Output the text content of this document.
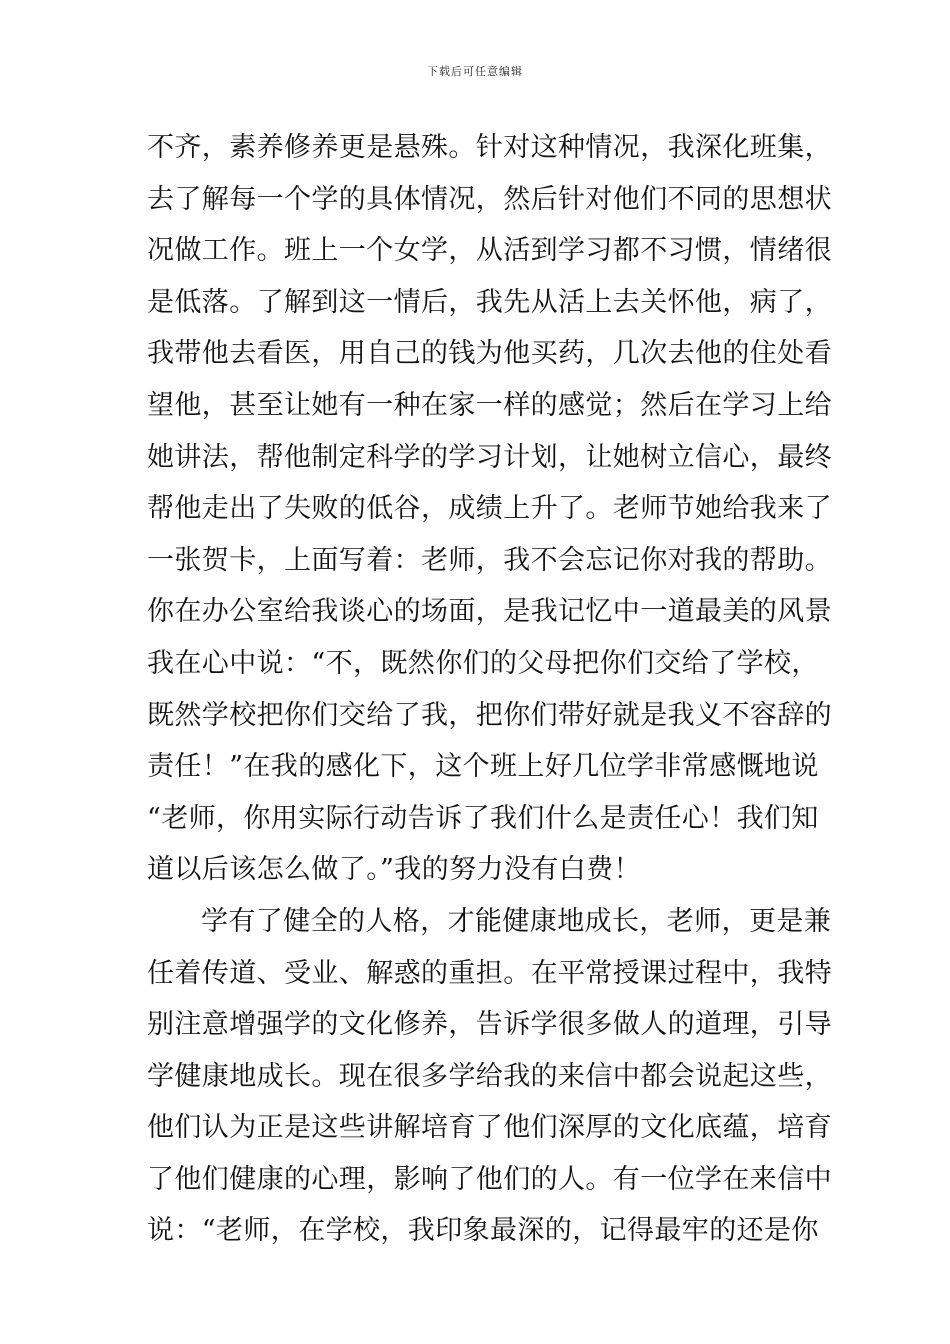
下载后可任意编辑
不齐，素养修养更是悬殊。针对这种情况，我深化班集，
去了解每一个学的具体情况，然后针对他们不同的思想状
况做工作。班上一个女学，从活到学习都不习惯，情绪很
是低落。了解到这一情后，我先从活上去关怀他，病了，
我带他去看医，用自己的钱为他买药，几次去他的住处看
望他，甚至让她有一种在家一样的感觉；然后在学习上给
她讲法，帮他制定科学的学习计划，让她树立信心，最终
帮他走出了失败的低谷，成绩上升了。老师节她给我来了
一张贺卡，上面写着：老师，我不会忘记你对我的帮助。
你在办公室给我谈心的场面，是我记忆中一道最美的风景
我在心中说：“不，既然你们的父母把你们交给了学校，
既然学校把你们交给了我，把你们带好就是我义不容辞的
责任！”在我的感化下，这个班上好几位学非常感慨地说
“老师，你用实际行动告诉了我们什么是责任心！我们知
道以后该怎么做了。”我的努力没有白费！
学有了健全的人格，才能健康地成长，老师，更是兼
任着传道、受业、解惑的重担。在平常授课过程中，我特
别注意增强学的文化修养，告诉学很多做人的道理，引导
学健康地成长。现在很多学给我的来信中都会说起这些，
他们认为正是这些讲解培育了他们深厚的文化底蕴，培育
了他们健康的心理，影响了他们的人。有一位学在来信中
说：“老师，在学校，我印象最深的，记得最牢的还是你
